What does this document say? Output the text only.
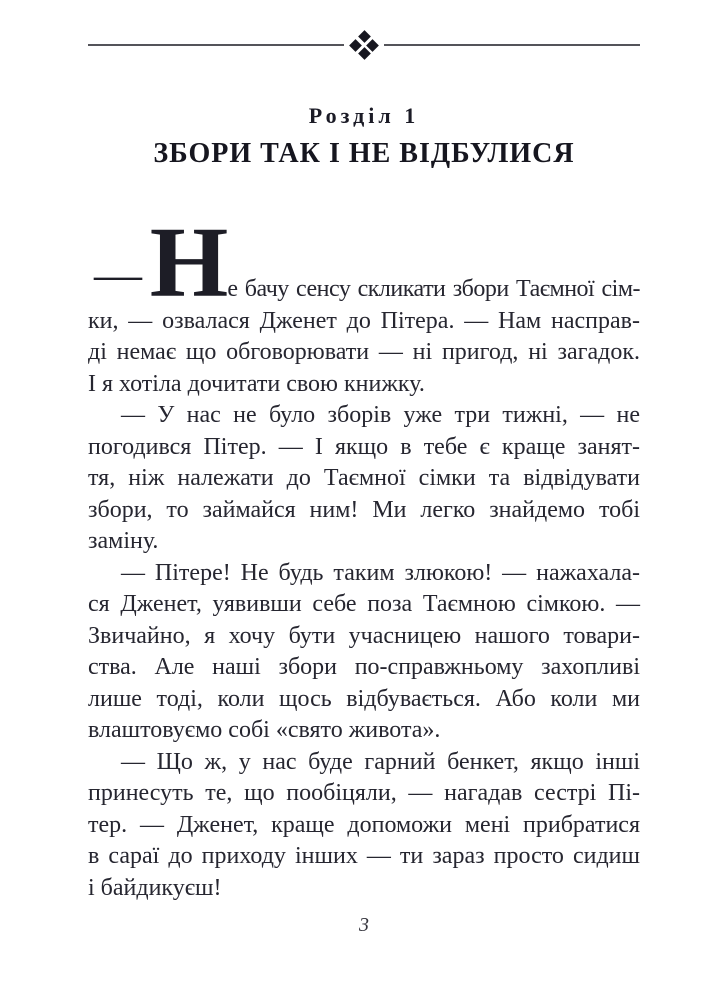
Розділ 1
ЗБОРИ ТАК І НЕ ВІДБУЛИСЯ
— Не бачу сенсу скликати збори Таємної сім-
ки, — озвалася Дженет до Пітера. — Нам насправ-
ді немає що обговорювати — ні пригод, ні загадок.
І я хотіла дочитати свою книжку.
— У нас не було зборів уже три тижні, — не
погодився Пітер. — І якщо в тебе є краще занят-
тя, ніж належати до Таємної сімки та відвідувати
збори, то займайся ним! Ми легко знайдемо тобі
заміну.
— Пітере! Не будь таким злюкою! — нажахала-
ся Дженет, уявивши себе поза Таємною сімкою. —
Звичайно, я хочу бути учасницею нашого товари-
ства. Але наші збори по-справжньому захопливі
лише тоді, коли щось відбувається. Або коли ми
влаштовуємо собі «свято живота».
— Що ж, у нас буде гарний бенкет, якщо інші
принесуть те, що пообіцяли, — нагадав сестрі Пі-
тер. — Дженет, краще допоможи мені прибратися
в сараї до приходу інших — ти зараз просто сидиш
і байдикуєш!
3
